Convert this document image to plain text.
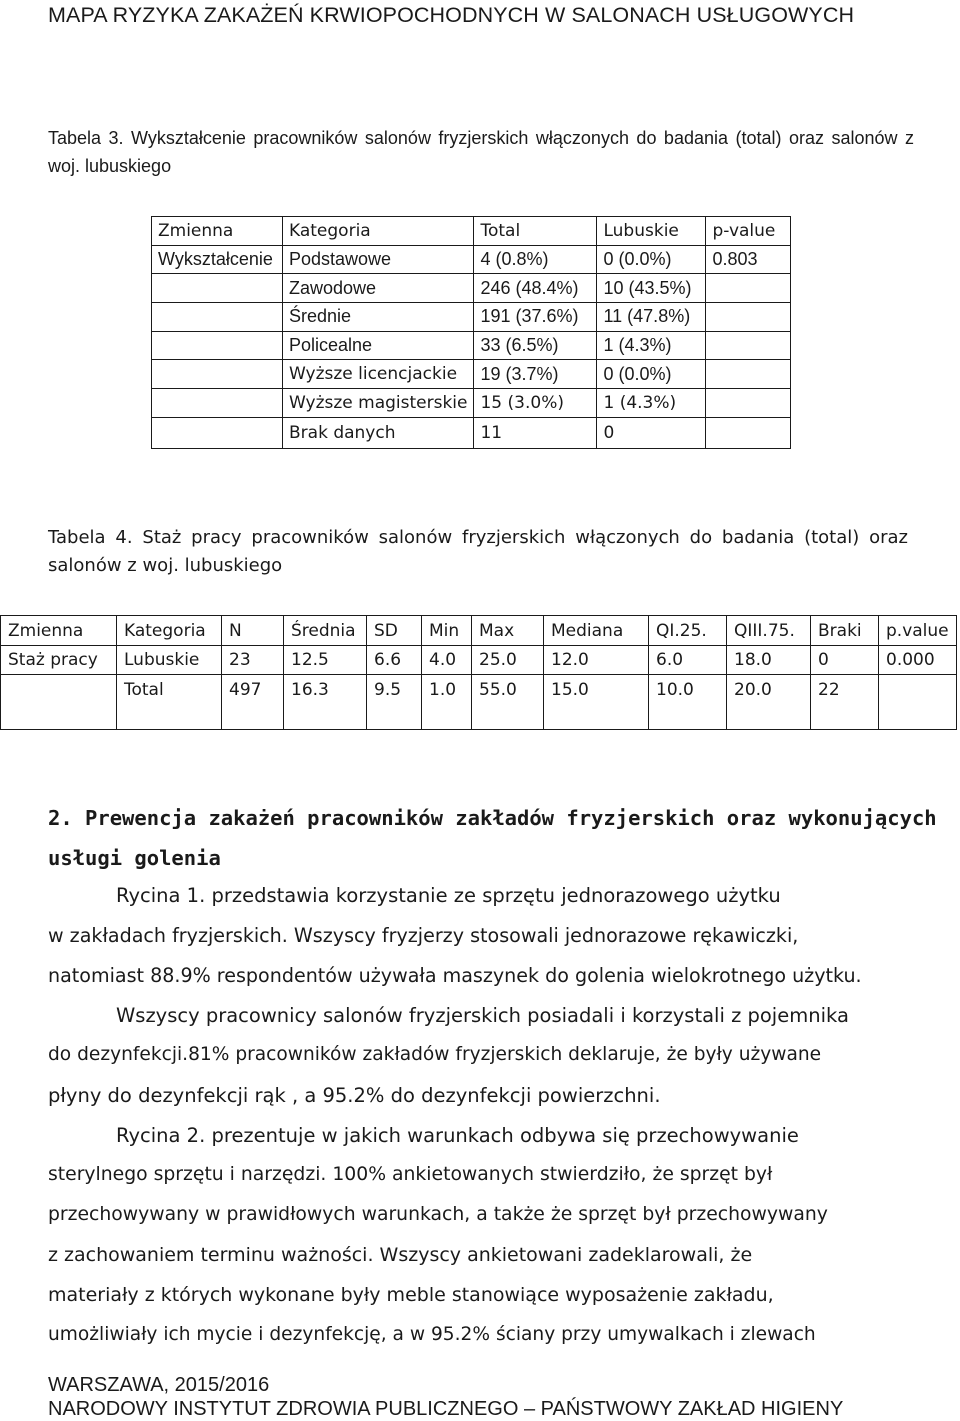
MAPA RYZYKA ZAKAŻEŃ KRWIOPOCHODNYCH W SALONACH USŁUGOWYCH
Tabela 3. Wykształcenie pracowników salonów fryzjerskich włączonych do badania (total) oraz salonów z woj. lubuskiego
Zmienna	Kategoria	Total	Lubuskie	p-value
Wykształcenie	Podstawowe	4 (0.8%)	0 (0.0%)	0.803
	Zawodowe	246 (48.4%)	10 (43.5%)	
	Średnie	191 (37.6%)	11 (47.8%)	
	Policealne	33 (6.5%)	1 (4.3%)	
	Wyższe licencjackie	19 (3.7%)	0 (0.0%)	
	Wyższe magisterskie	15 (3.0%)	1 (4.3%)	
	Brak danych	11	0	
Tabela 4. Staż pracy pracowników salonów fryzjerskich włączonych do badania (total) oraz salonów z woj. lubuskiego
Zmienna	Kategoria	N	Średnia	SD	Min	Max	Mediana	QI.25.	QIII.75.	Braki	p.value
Staż pracy	Lubuskie	23	12.5	6.6	4.0	25.0	12.0	6.0	18.0	0	0.000
	Total	497	16.3	9.5	1.0	55.0	15.0	10.0	20.0	22	
2. Prewencja zakażeń pracowników zakładów fryzjerskich oraz wykonujących
usługi golenia
Rycina 1. przedstawia korzystanie ze sprzętu jednorazowego użytku
w zakładach fryzjerskich. Wszyscy fryzjerzy stosowali jednorazowe rękawiczki,
natomiast 88.9% respondentów używała maszynek do golenia wielokrotnego użytku.
Wszyscy pracownicy salonów fryzjerskich posiadali i korzystali z pojemnika
do dezynfekcji.81% pracowników zakładów fryzjerskich deklaruje, że były używane
płyny do dezynfekcji rąk , a 95.2% do dezynfekcji powierzchni.
Rycina 2. prezentuje w jakich warunkach odbywa się przechowywanie
sterylnego sprzętu i narzędzi. 100% ankietowanych stwierdziło, że sprzęt był
przechowywany w prawidłowych warunkach, a także że sprzęt był przechowywany
z zachowaniem terminu ważności. Wszyscy ankietowani zadeklarowali, że
materiały z których wykonane były meble stanowiące wyposażenie zakładu,
umożliwiały ich mycie i dezynfekcję, a w 95.2% ściany przy umywalkach i zlewach
WARSZAWA, 2015/2016
NARODOWY INSTYTUT ZDROWIA PUBLICZNEGO – PAŃSTWOWY ZAKŁAD HIGIENY
